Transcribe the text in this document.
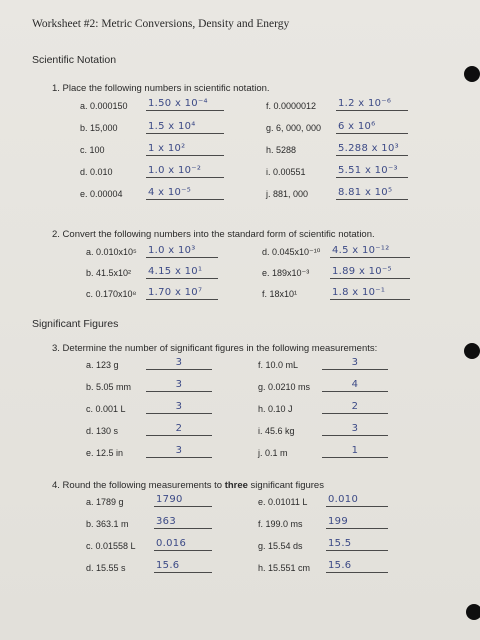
Worksheet #2: Metric Conversions, Density and Energy
Scientific Notation
1. Place the following numbers in scientific notation.
a. 0.000150 1.50 x 10⁻⁴
b. 15,000	1.5 x 10⁴
c. 100	1 x 10²
d. 0.010	1.0 x 10⁻²
e. 0.00004	4 x 10⁻⁵
f. 0.0000012 1.2 x 10⁻⁶
g. 6, 000, 000 6 x 10⁶
h. 5288	5.288 x 10³
i. 0.00551	5.51 x 10⁻³
j. 881, 000	8.81 x 10⁵
2. Convert the following numbers into the standard form of scientific notation.
a. 0.010x10⁵ 1.0 x 10³
b. 41.5x10² 4.15 x 10¹
c. 0.170x10⁸ 1.70 x 10⁷
d. 0.045x10⁻¹⁰ 4.5 x 10⁻¹²
e. 189x10⁻³ 1.89 x 10⁻⁵
f. 18x10¹	1.8 x 10⁻¹
Significant Figures
3. Determine the number of significant figures in the following measurements:
a. 123 g	3
b. 5.05 mm	3
c. 0.001 L	3
d. 130 s	2
e. 12.5 in	3
f. 10.0 mL	3
g. 0.0210 ms	4
h. 0.10 J	2
i. 45.6 kg	3
j. 0.1 m	1
4. Round the following measurements to three significant figures
a. 1789 g	1790
b. 363.1 m	363
c. 0.01558 L 0.016
d. 15.55 s	15.6
e. 0.01011 L 0.010
f. 199.0 ms	199
g. 15.54 ds	15.5
h. 15.551 cm 15.6
